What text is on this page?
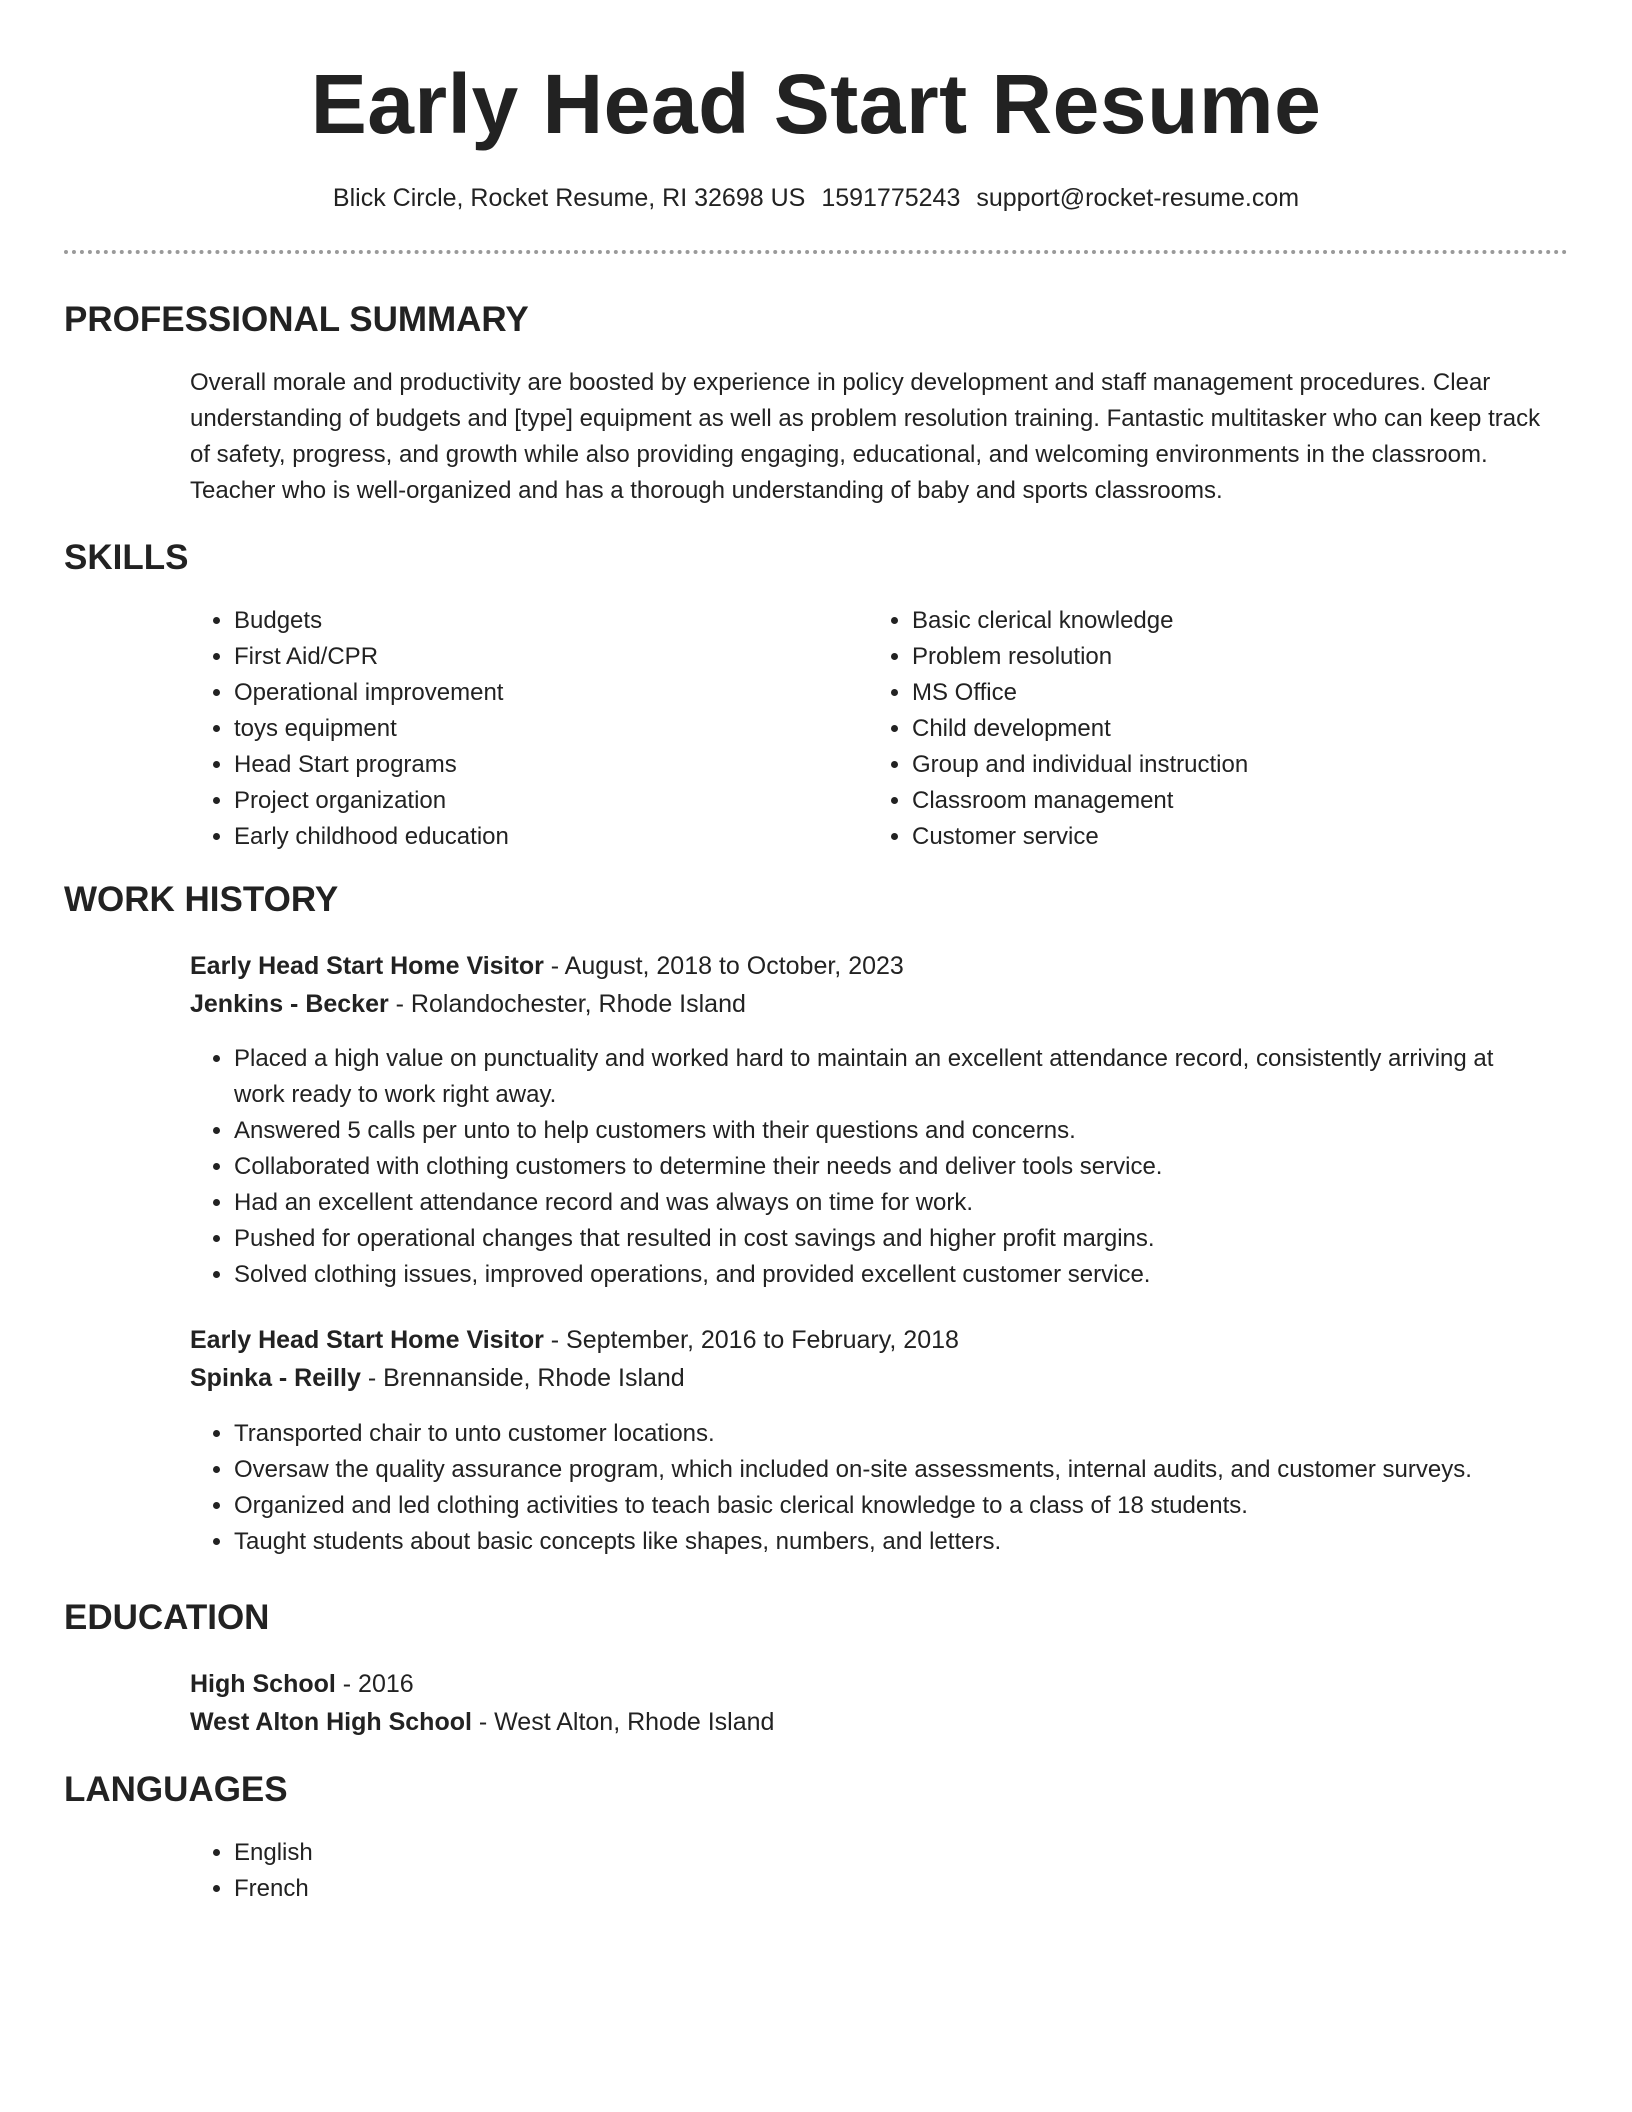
Early Head Start Resume
Blick Circle, Rocket Resume, RI 32698 US 1591775243 support@rocket-resume.com
PROFESSIONAL SUMMARY
Overall morale and productivity are boosted by experience in policy development and staff management procedures. Clear understanding of budgets and [type] equipment as well as problem resolution training. Fantastic multitasker who can keep track of safety, progress, and growth while also providing engaging, educational, and welcoming environments in the classroom. Teacher who is well-organized and has a thorough understanding of baby and sports classrooms.
SKILLS
• Budgets
• First Aid/CPR
• Operational improvement
• toys equipment
• Head Start programs
• Project organization
• Early childhood education
• Basic clerical knowledge
• Problem resolution
• MS Office
• Child development
• Group and individual instruction
• Classroom management
• Customer service
WORK HISTORY
Early Head Start Home Visitor - August, 2018 to October, 2023
Jenkins - Becker - Rolandochester, Rhode Island
• Placed a high value on punctuality and worked hard to maintain an excellent attendance record, consistently arriving at work ready to work right away.
• Answered 5 calls per unto to help customers with their questions and concerns.
• Collaborated with clothing customers to determine their needs and deliver tools service.
• Had an excellent attendance record and was always on time for work.
• Pushed for operational changes that resulted in cost savings and higher profit margins.
• Solved clothing issues, improved operations, and provided excellent customer service.
Early Head Start Home Visitor - September, 2016 to February, 2018
Spinka - Reilly - Brennanside, Rhode Island
• Transported chair to unto customer locations.
• Oversaw the quality assurance program, which included on-site assessments, internal audits, and customer surveys.
• Organized and led clothing activities to teach basic clerical knowledge to a class of 18 students.
• Taught students about basic concepts like shapes, numbers, and letters.
EDUCATION
High School - 2016
West Alton High School - West Alton, Rhode Island
LANGUAGES
• English
• French
